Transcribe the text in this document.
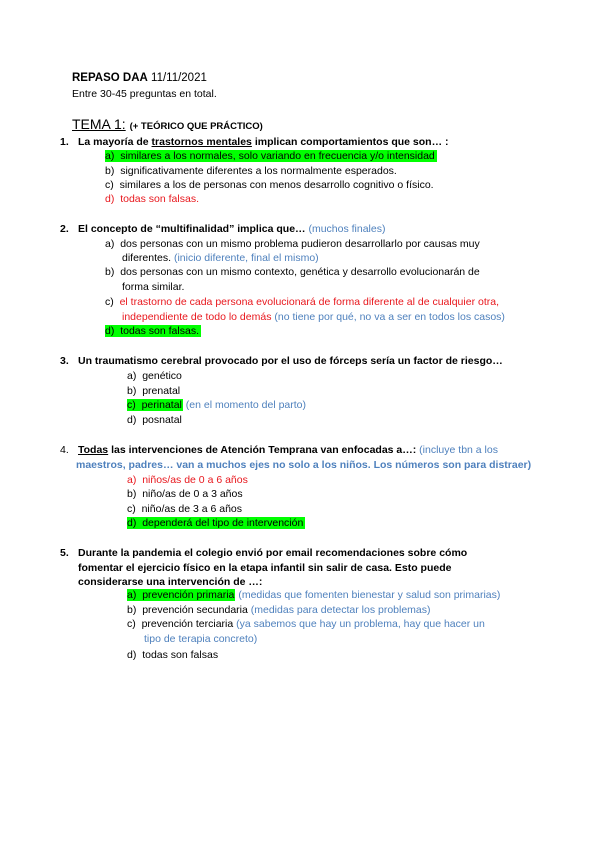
REPASO DAA 11/11/2021
Entre 30-45 preguntas en total.
TEMA 1: (+ TEÓRICO QUE PRÁCTICO)
1. La mayoría de trastornos mentales implican comportamientos que son… :
a) similares a los normales, solo variando en frecuencia y/o intensidad
b) significativamente diferentes a los normalmente esperados.
c) similares a los de personas con menos desarrollo cognitivo o físico.
d) todas son falsas.
2. El concepto de “multifinalidad” implica que… (muchos finales)
a) dos personas con un mismo problema pudieron desarrollarlo por causas muy
diferentes. (inicio diferente, final el mismo)
b) dos personas con un mismo contexto, genética y desarrollo evolucionarán de
forma similar.
c) el trastorno de cada persona evolucionará de forma diferente al de cualquier otra,
independiente de todo lo demás (no tiene por qué, no va a ser en todos los casos)
d) todas son falsas.
3. Un traumatismo cerebral provocado por el uso de fórceps sería un factor de riesgo…
a) genético
b) prenatal
c) perinatal (en el momento del parto)
d) posnatal
4. Todas las intervenciones de Atención Temprana van enfocadas a…: (incluye tbn a los
maestros, padres… van a muchos ejes no solo a los niños. Los números son para distraer)
a) niños/as de 0 a 6 años
b) niño/as de 0 a 3 años
c) niño/as de 3 a 6 años
d) dependerá del tipo de intervención
5. Durante la pandemia el colegio envió por email recomendaciones sobre cómo
fomentar el ejercicio físico en la etapa infantil sin salir de casa. Esto puede
considerarse una intervención de …:
a) prevención primaria (medidas que fomenten bienestar y salud son primarias)
b) prevención secundaria (medidas para detectar los problemas)
c) prevención terciaria (ya sabemos que hay un problema, hay que hacer un
tipo de terapia concreto)
d) todas son falsas
